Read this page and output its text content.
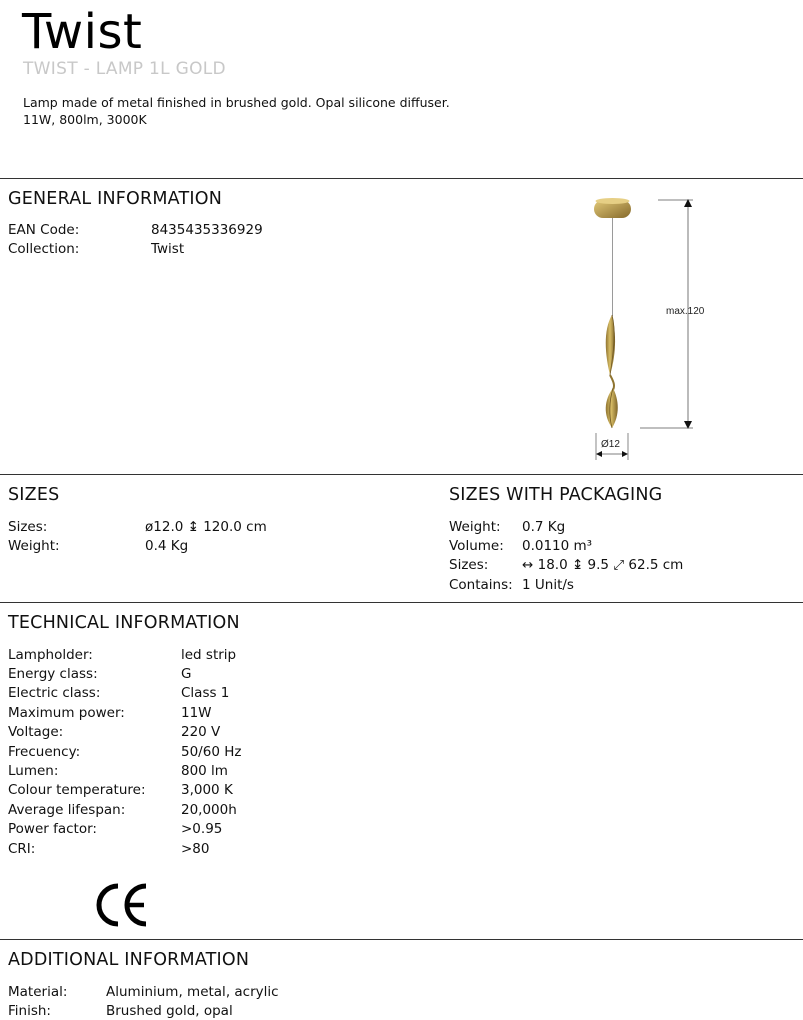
Twist
TWIST - LAMP 1L GOLD
Lamp made of metal finished in brushed gold. Opal silicone diffuser.
11W, 800lm, 3000K
GENERAL INFORMATION
EAN Code:	8435435336929
Collection:	Twist
max.120
Ø12
SIZES
Sizes:	ø12.0 ↨ 120.0 cm
Weight:	0.4 Kg
SIZES WITH PACKAGING
Weight: 0.7 Kg
Volume: 0.0110 m³
Sizes: ↔ 18.0 ↨ 9.5 ⤢ 62.5 cm
Contains: 1 Unit/s
TECHNICAL INFORMATION
Lampholder:	led strip
Energy class:	G
Electric class:	Class 1
Maximum power:	11W
Voltage:	220 V
Frecuency:	50/60 Hz
Lumen:	800 lm
Colour temperature:	3,000 K
Average lifespan:	20,000h
Power factor:	>0.95
CRI:	>80
ADDITIONAL INFORMATION
Material:	Aluminium, metal, acrylic
Finish:	Brushed gold, opal
